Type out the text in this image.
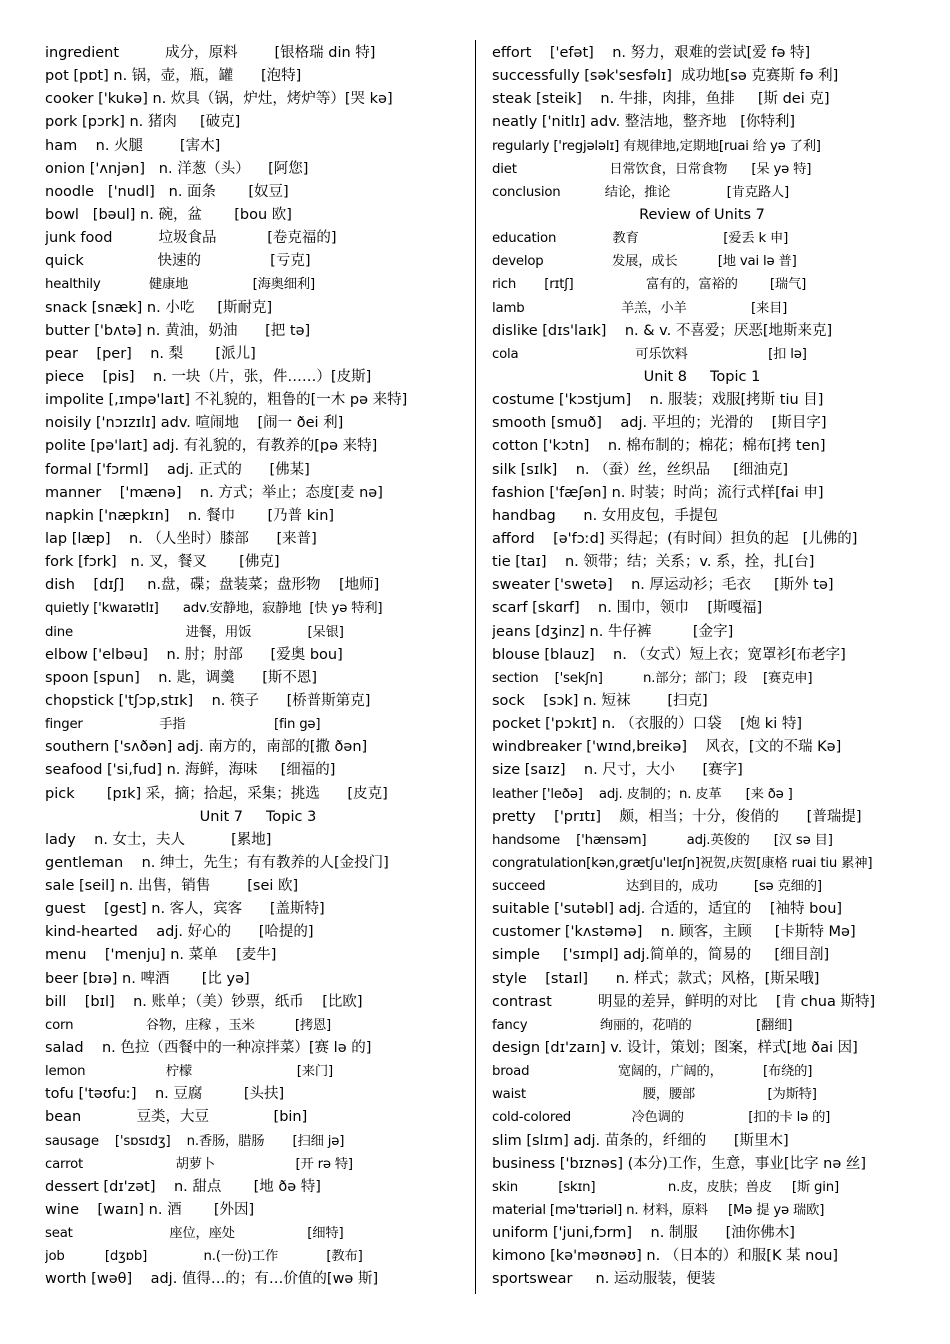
ingredient          成分，原料        [银格瑞 din 特]
pot [pɒt] n. 锅，壶，瓶，罐      [泡特]
cooker ['kukə] n. 炊具（锅，炉灶，烤炉等）[哭 kə]
pork [pɔrk] n. 猪肉     [破克]
ham    n. 火腿        [害木]
onion ['ʌnjən]   n. 洋葱（头）    [阿您]
noodle   ['nudl]   n. 面条       [奴豆]
bowl   [bəul] n. 碗，盆       [bou 欧]
junk food          垃圾食品           [卷克福的]
quick                快速的               [亏克]
healthily            健康地                [海奥细利]
snack [snæk] n. 小吃     [斯耐克]
butter ['bʌtə] n. 黄油，奶油      [把 tə]
pear    [per]    n. 梨       [派儿]
piece    [pis]    n. 一块（片，张，件……）[皮斯]
impolite [,ɪmpə'laɪt] 不礼貌的，粗鲁的[一木 pə 来特]
noisily ['nɔɪzɪlɪ] adv. 喧闹地    [闹一 ðei 利]
polite [pə'laɪt] adj. 有礼貌的，有教养的[pə 来特]
formal ['fɔrml]    adj. 正式的      [佛某]
manner    ['mænə]    n. 方式；举止；态度[麦 nə]
napkin ['næpkɪn]    n. 餐巾       [乃普 kin]
lap [læp]    n. （人坐时）膝部      [来普]
fork [fɔrk]   n. 叉，餐叉       [佛克]
dish    [dɪʃ]     n.盘，碟；盘装菜；盘形物    [地师]
quietly ['kwaɪətlɪ]      adv.安静地，寂静地  [快 yə 特利]
dine                            进餐，用饭              [呆银]
elbow ['elbəu]    n. 肘；肘部      [爱奥 bou]
spoon [spun]    n. 匙，调羹      [斯不恩]
chopstick ['tʃɔp,stɪk]    n. 筷子      [桥普斯第克]
finger                   手指                      [fin gə]
southern ['sʌðən] adj. 南方的，南部的[撒 ðən]
seafood ['si,fud] n. 海鲜，海味     [细福的]
pick       [pɪk] 采，摘；拾起，采集；挑选      [皮克]
Unit 7     Topic 3
lady    n. 女士，夫人          [累地]
gentleman    n. 绅士，先生；有有教养的人[金投门]
sale [seil] n. 出售，销售        [sei 欧]
guest    [gest] n. 客人，宾客      [盖斯特]
kind-hearted    adj. 好心的      [哈提的]
menu    ['menju] n. 菜单    [麦牛]
beer [bɪə] n. 啤酒       [比 yə]
bill    [bɪl]    n. 账单；（美）钞票，纸币    [比欧]
corn                  谷物，庄稼 ，玉米          [拷恩]
salad    n. 色拉（西餐中的一种凉拌菜）[赛 lə 的]
lemon                    柠檬                          [来门]
tofu ['təʊfuː]    n. 豆腐         [头扶]
bean            豆类，大豆              [bin]
sausage    ['sɒsɪdʒ]    n.香肠，腊肠       [扫细 jə]
carrot                       胡萝卜                    [开 rə 特]
dessert [dɪ'zət]    n. 甜点       [地 ðə 特]
wine    [waɪn] n. 酒       [外因]
seat                        座位，座处                  [细特]
job          [dʒɒb]              n.(一份)工作            [教布]
worth [wəθ]    adj. 值得…的；有…价值的[wə 斯]
effort    ['efət]    n. 努力，艰难的尝试[爱 fə 特]
successfully [sək'sesfəlɪ]  成功地[sə 克赛斯 fə 利]
steak [steik]    n. 牛排，肉排，鱼排     [斯 dei 克]
neatly ['nitlɪ] adv. 整洁地，整齐地   [你特利]
regularly ['regjələlɪ] 有规律地,定期地[ruai 给 yə 了利]
diet                       日常饮食，日常食物      [呆 yə 特]
conclusion           结论，推论              [肯克路人]
Review of Units 7
education              教育                     [爱丢 k 申]
develop                 发展，成长          [地 vai lə 普]
rich       [rɪtʃ]                  富有的，富裕的        [瑞气]
lamb                        羊羔，小羊                [来目]
dislike [dɪs'laɪk]    n. & v. 不喜爱；厌恶[地斯来克]
cola                             可乐饮料                    [扣 lə]
Unit 8     Topic 1
costume ['kɔstjum]    n. 服装；戏服[拷斯 tiu 目]
smooth [smuð]    adj. 平坦的；光滑的    [斯目字]
cotton ['kɔtn]    n. 棉布制的；棉花；棉布[拷 ten]
silk [sɪlk]    n. （蚕）丝，丝织品     [细油克]
fashion ['fæʃən] n. 时装；时尚；流行式样[fai 申]
handbag      n. 女用皮包，手提包
afford    [ə'fɔːd] 买得起；(有时间）担负的起   [儿佛的]
tie [taɪ]    n. 领带；结；关系；v. 系，拴，扎[台]
sweater ['swetə]    n. 厚运动衫；毛衣     [斯外 tə]
scarf [skɑrf]    n. 围巾，领巾    [斯嘎福]
jeans [dʒinz] n. 牛仔裤         [金字]
blouse [blauz]    n. （女式）短上衣；宽罩衫[布老字]
section    ['sekʃn]          n.部分；部门；段    [赛克申]
sock    [sɔk] n. 短袜        [扫克]
pocket ['pɔkɪt] n. （衣服的）口袋    [炮 ki 特]
windbreaker ['wɪnd,breikə]    风衣，[文的不瑞 Kə]
size [saɪz]    n. 尺寸，大小      [赛字]
leather ['leðə]    adj. 皮制的；n. 皮革      [来 ðə ]
pretty    ['prɪtɪ]    颇，相当；十分，俊俏的      [普瑞提]
handsome    ['hænsəm]          adj.英俊的      [汉 sə 目]
congratulation[kən,grætʃu'leɪʃn]祝贺,庆贺[康格 ruai tiu 累神]
succeed                    达到目的，成功         [sə 克细的]
suitable ['sutəbl] adj. 合适的，适宜的    [袖特 bou]
customer ['kʌstəmə]    n. 顾客，主顾     [卡斯特 Mə]
simple     ['sɪmpl] adj.简单的，简易的     [细目剖]
style    [staɪl]      n. 样式；款式；风格，[斯呆哦]
contrast          明显的差异，鲜明的对比    [肯 chua 斯特]
fancy                  绚丽的，花哨的                [翻细]
design [dɪ'zaɪn] v. 设计，策划；图案，样式[地 ðai 因]
broad                      宽阔的，广阔的，          [布绕的]
waist                             腰，腰部                  [为斯特]
cold-colored               冷色调的                [扣的卡 lə 的]
slim [slɪm] adj. 苗条的，纤细的      [斯里木]
business ['bɪznəs] (本分)工作，生意，事业[比字 nə 丝]
skin          [skɪn]                  n.皮，皮肤；兽皮     [斯 gin]
material [mə'tɪəriəl] n. 材料，原料     [Mə 提 yə 瑞欧]
uniform ['juni,fɔrm]    n. 制服      [油你佛木]
kimono [kə'məʊnəʊ] n. （日本的）和服[K 某 nou]
sportswear     n. 运动服装，便装
